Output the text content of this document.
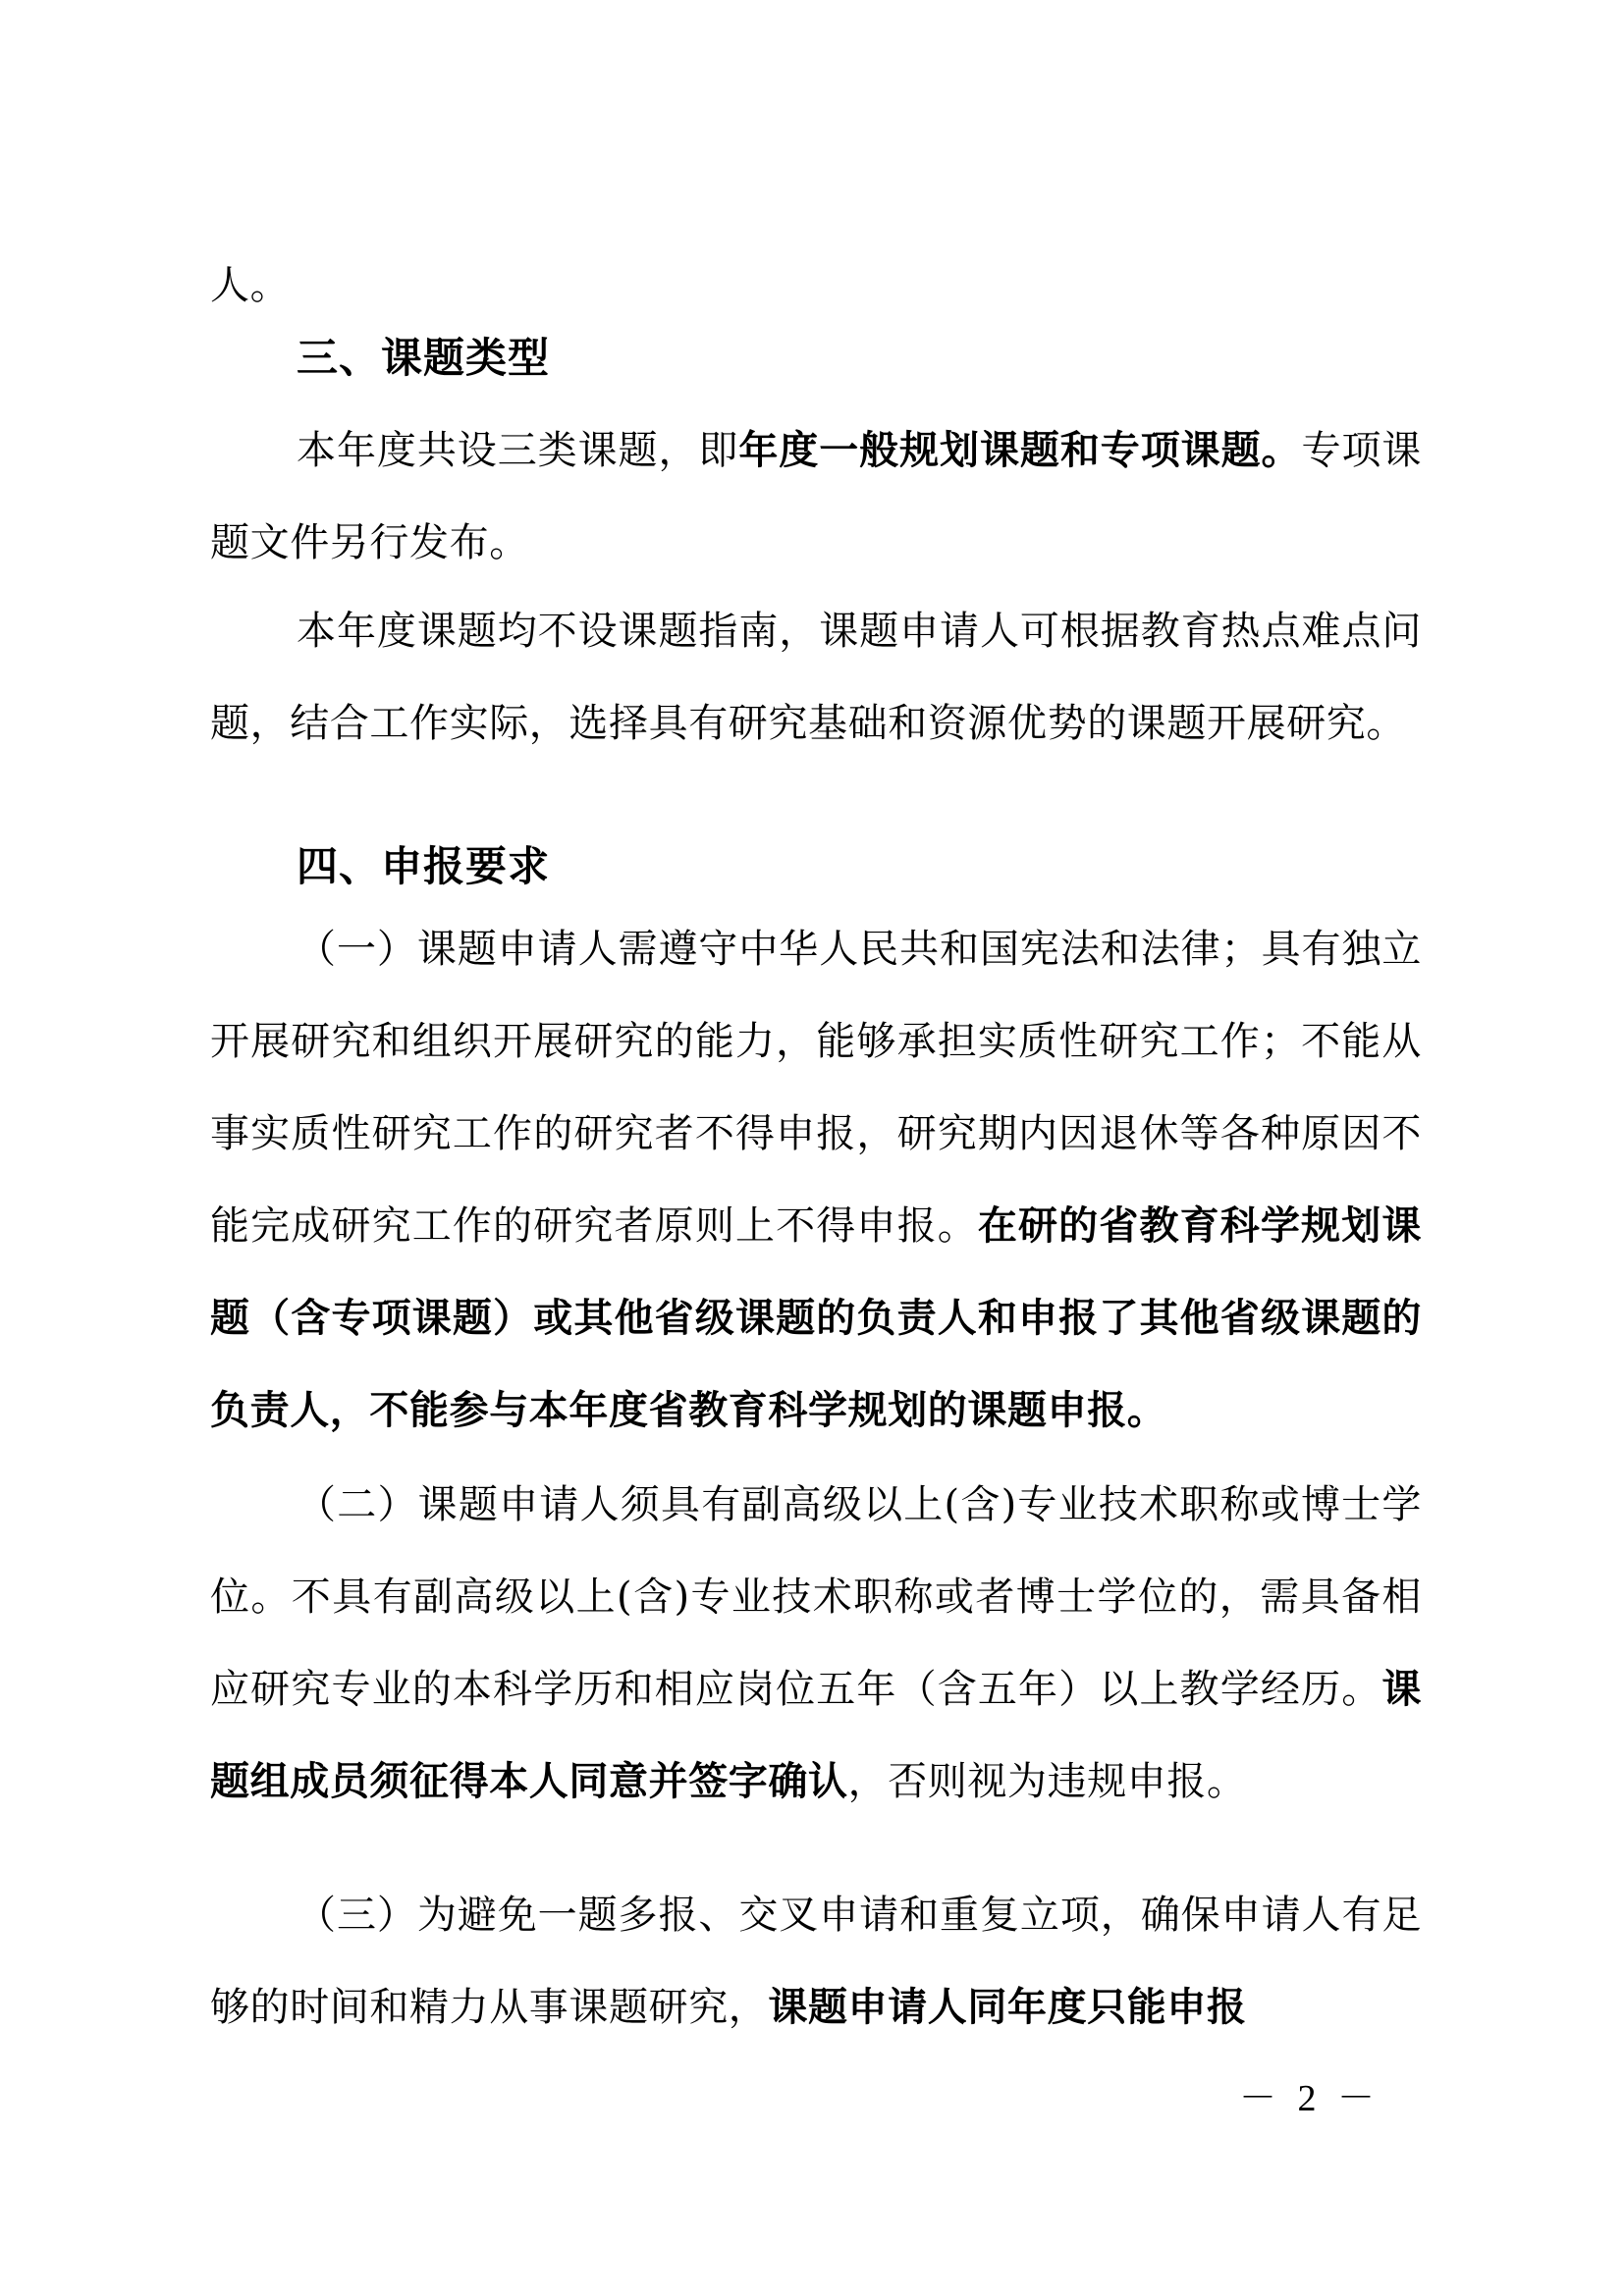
人。
三、课题类型
本年度共设三类课题，即年度一般规划课题和专项课题。专项课题文件另行发布。
本年度课题均不设课题指南，课题申请人可根据教育热点难点问题，结合工作实际，选择具有研究基础和资源优势的课题开展研究。
四、申报要求
（一）课题申请人需遵守中华人民共和国宪法和法律；具有独立开展研究和组织开展研究的能力，能够承担实质性研究工作；不能从事实质性研究工作的研究者不得申报，研究期内因退休等各种原因不能完成研究工作的研究者原则上不得申报。在研的省教育科学规划课题（含专项课题）或其他省级课题的负责人和申报了其他省级课题的负责人，不能参与本年度省教育科学规划的课题申报。
（二）课题申请人须具有副高级以上(含)专业技术职称或博士学位。不具有副高级以上(含)专业技术职称或者博士学位的，需具备相应研究专业的本科学历和相应岗位五年（含五年）以上教学经历。课题组成员须征得本人同意并签字确认，否则视为违规申报。
（三）为避免一题多报、交叉申请和重复立项，确保申请人有足够的时间和精力从事课题研究，课题申请人同年度只能申报
－ 2 －
